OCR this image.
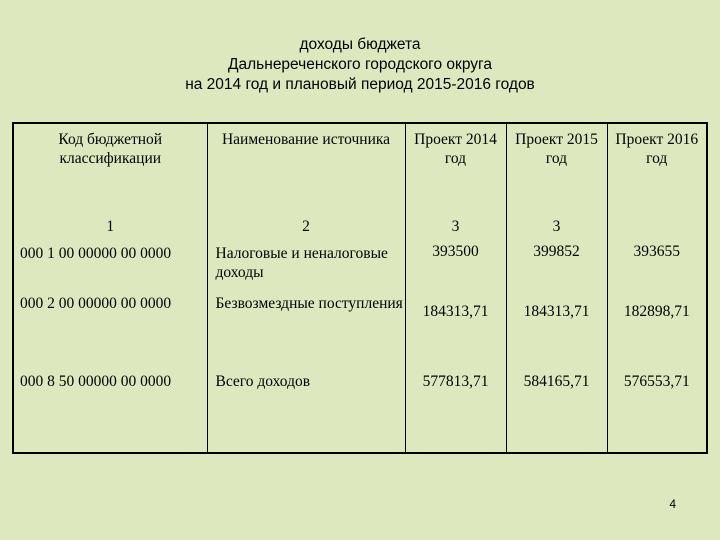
доходы бюджета
Дальнереченского городского округа
на 2014 год и плановый период 2015-2016 годов
Код бюджетной классификации	Наименование источника	Проект 2014 год	Проект 2015 год	Проект 2016 год
1	2	3	3	
000 1 00 00000 00 0000	Налоговые и неналоговые доходы	393500	399852	393655
000 2 00 00000 00 0000	Безвозмездные поступления	184313,71	184313,71	182898,71
000 8 50 00000 00 0000	Всего доходов	577813,71	584165,71	576553,71
4
